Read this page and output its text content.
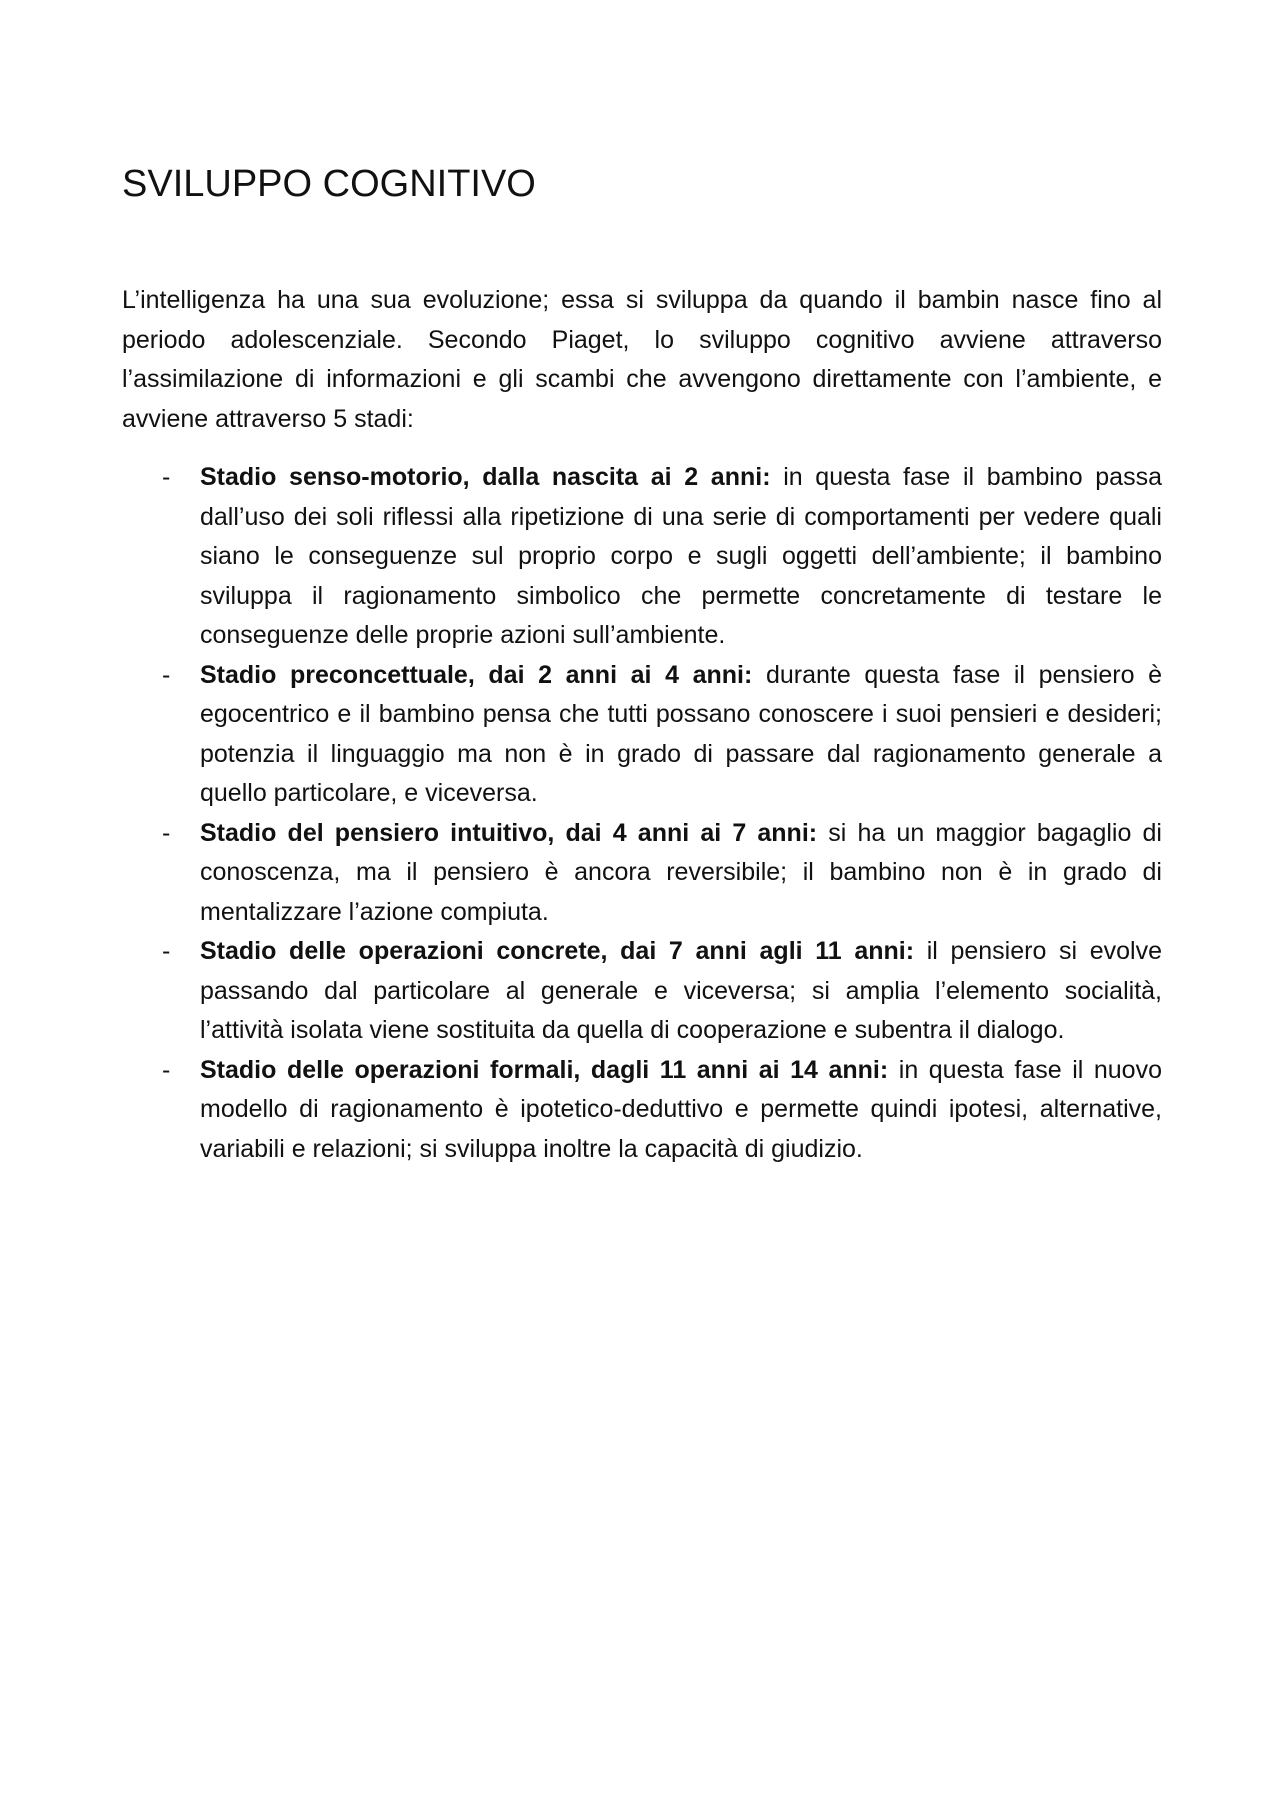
SVILUPPO COGNITIVO

L’intelligenza ha una sua evoluzione; essa si sviluppa da quando il bambin nasce fino al periodo adolescenziale. Secondo Piaget, lo sviluppo cognitivo avviene attraverso l’assimilazione di informazioni e gli scambi che avvengono direttamente con l’ambiente, e avviene attraverso 5 stadi:

- Stadio senso-motorio, dalla nascita ai 2 anni: in questa fase il bambino passa dall’uso dei soli riflessi alla ripetizione di una serie di comportamenti per vedere quali siano le conseguenze sul proprio corpo e sugli oggetti dell’ambiente; il bambino sviluppa il ragionamento simbolico che permette concretamente di testare le conseguenze delle proprie azioni sull’ambiente.
- Stadio preconcettuale, dai 2 anni ai 4 anni: durante questa fase il pensiero è egocentrico e il bambino pensa che tutti possano conoscere i suoi pensieri e desideri; potenzia il linguaggio ma non è in grado di passare dal ragionamento generale a quello particolare, e viceversa.
- Stadio del pensiero intuitivo, dai 4 anni ai 7 anni: si ha un maggior bagaglio di conoscenza, ma il pensiero è ancora reversibile; il bambino non è in grado di mentalizzare l’azione compiuta.
- Stadio delle operazioni concrete, dai 7 anni agli 11 anni: il pensiero si evolve passando dal particolare al generale e viceversa; si amplia l’elemento socialità, l’attività isolata viene sostituita da quella di cooperazione e subentra il dialogo.
- Stadio delle operazioni formali, dagli 11 anni ai 14 anni: in questa fase il nuovo modello di ragionamento è ipotetico-deduttivo e permette quindi ipotesi, alternative, variabili e relazioni; si sviluppa inoltre la capacità di giudizio.
